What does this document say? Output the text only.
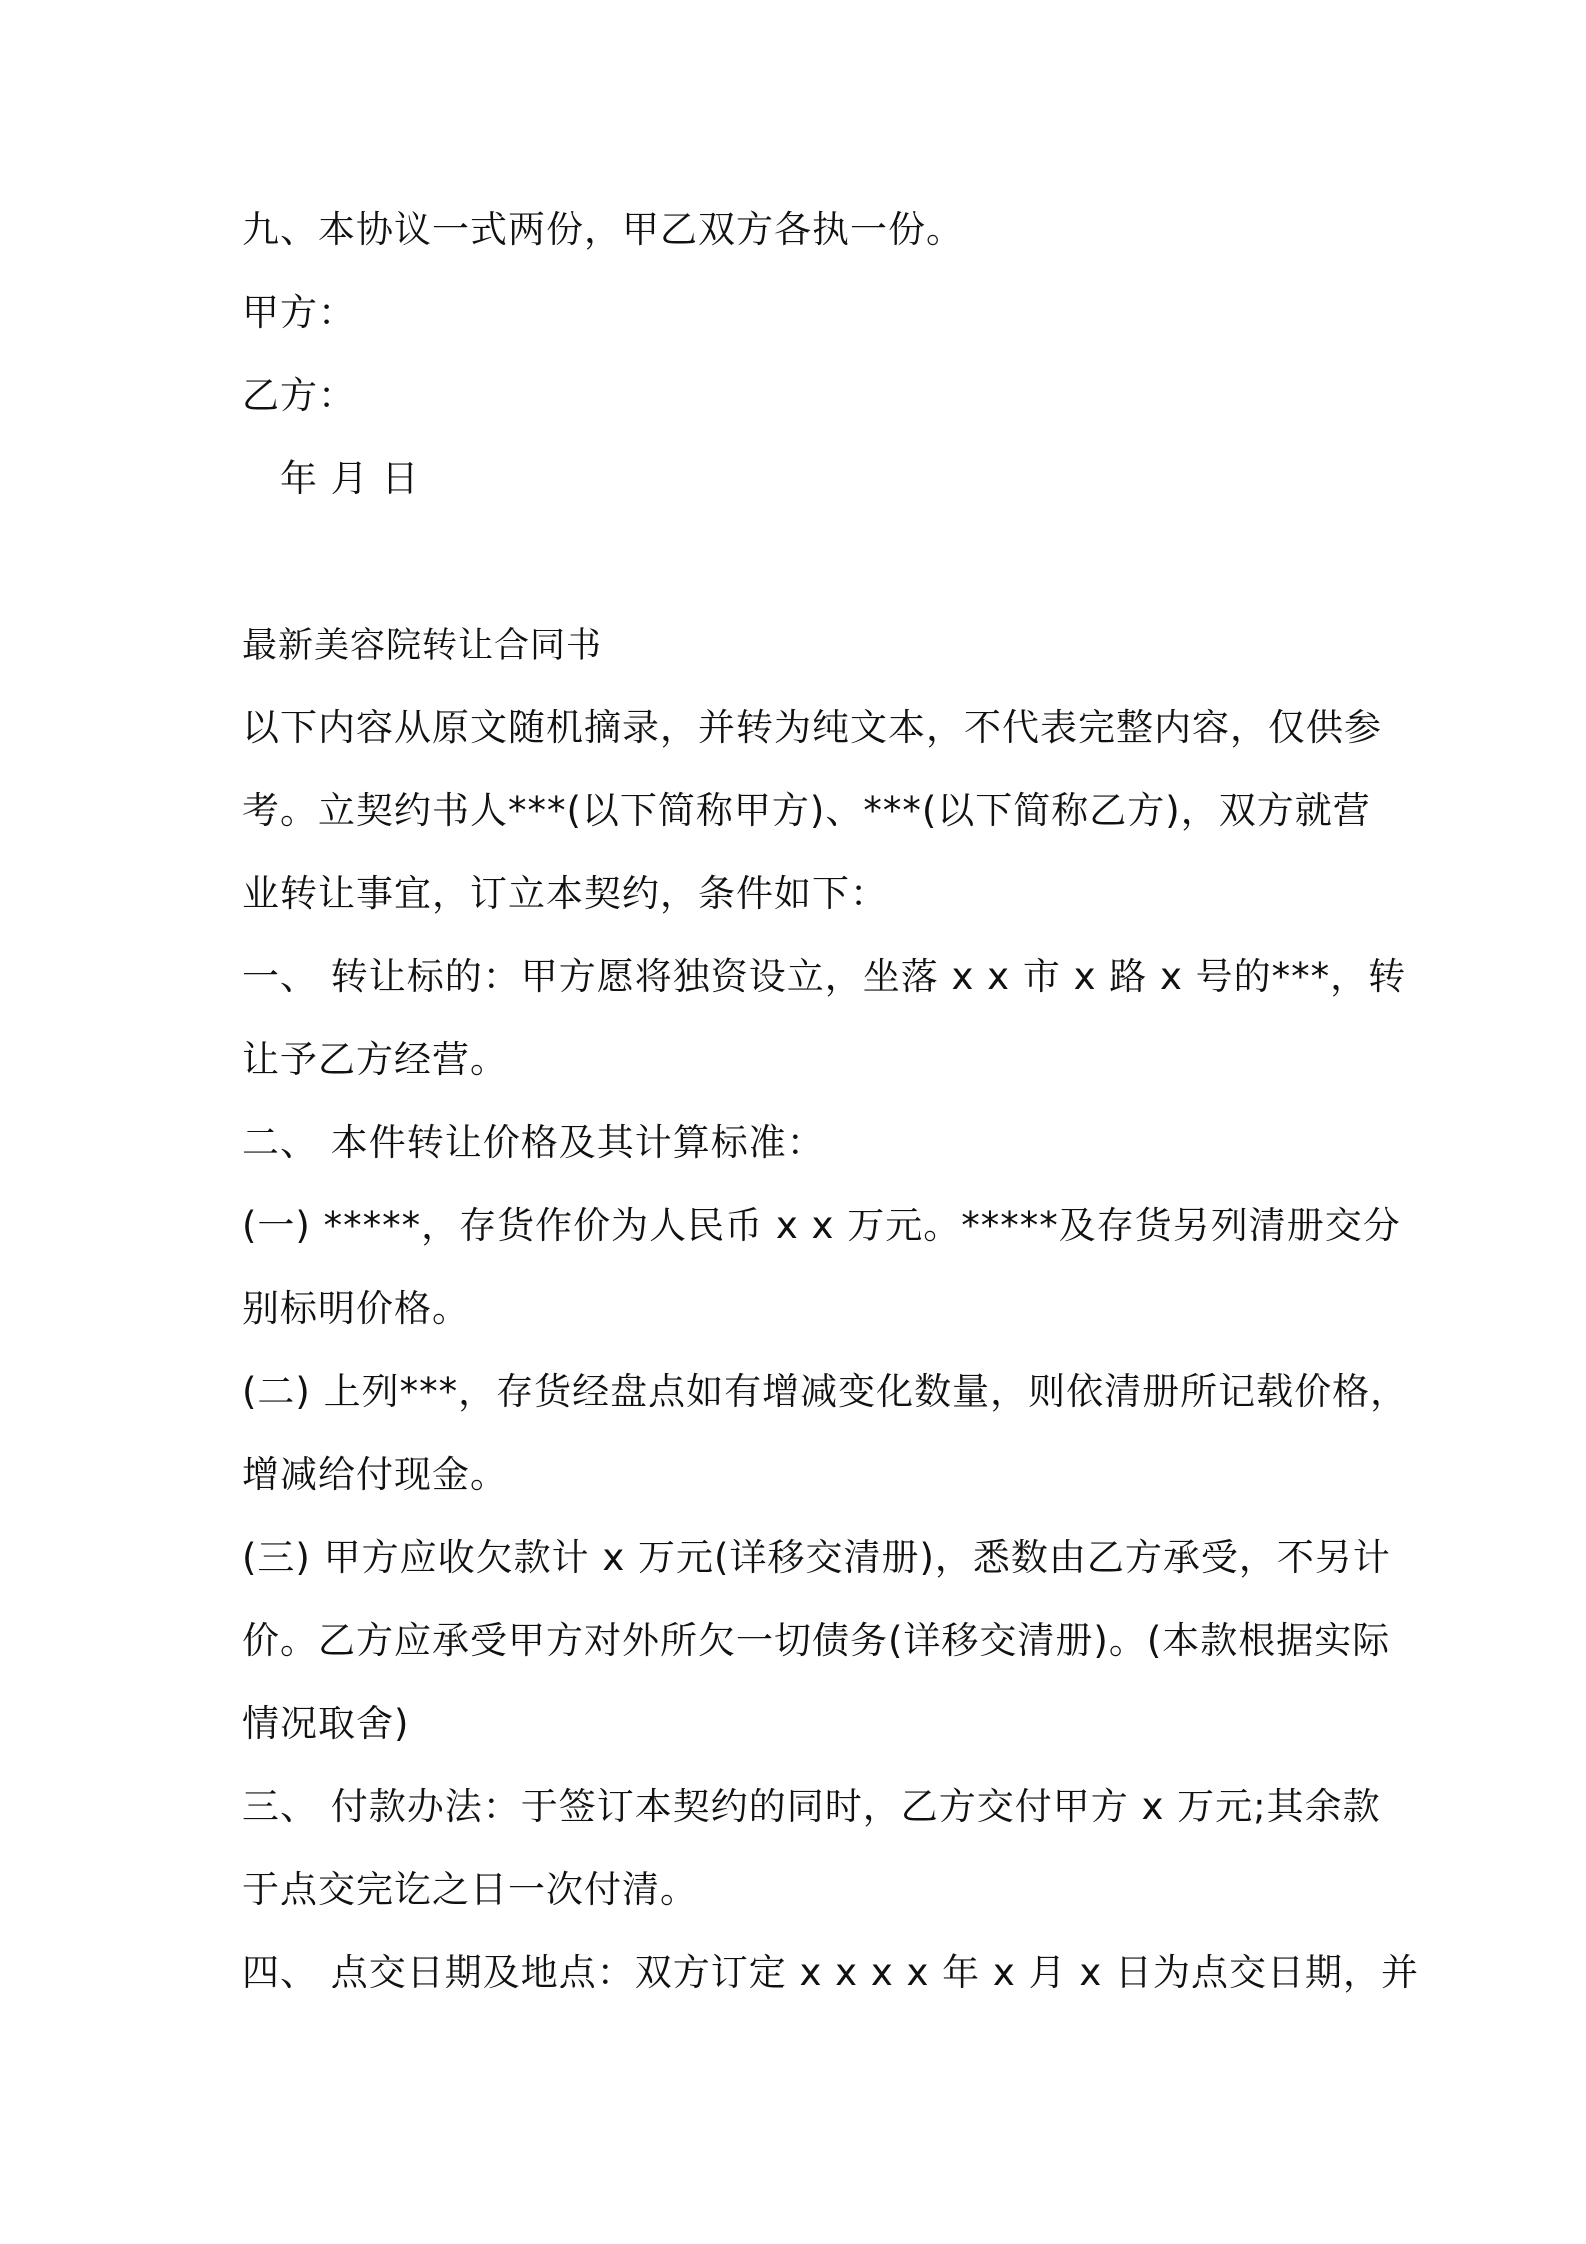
九、本协议一式两份，甲乙双方各执一份。
甲方：
乙方：
年 月 日
最新美容院转让合同书
以下内容从原文随机摘录，并转为纯文本，不代表完整内容，仅供参
考。立契约书人***(以下简称甲方)、***(以下简称乙方)，双方就营
业转让事宜，订立本契约，条件如下：
一、 转让标的：甲方愿将独资设立，坐落 x x 市 x 路 x 号的***，转
让予乙方经营。
二、 本件转让价格及其计算标准：
(一) *****，存货作价为人民币 x x 万元。*****及存货另列清册交分
别标明价格。
(二) 上列***，存货经盘点如有增减变化数量，则依清册所记载价格，
增减给付现金。
(三) 甲方应收欠款计 x 万元(详移交清册)，悉数由乙方承受，不另计
价。乙方应承受甲方对外所欠一切债务(详移交清册)。(本款根据实际
情况取舍)
三、 付款办法：于签订本契约的同时，乙方交付甲方 x 万元;其余款
于点交完讫之日一次付清。
四、 点交日期及地点：双方订定 x x x x 年 x 月 x 日为点交日期，并
